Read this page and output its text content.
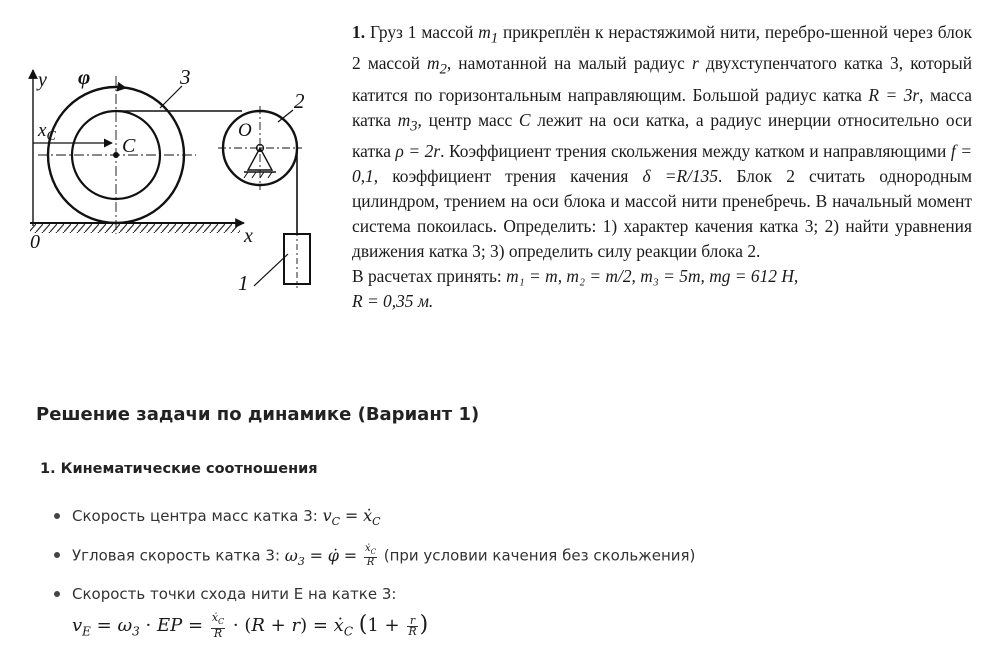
y φ
$x_C$	C
3
2
O
0	x
1

1. Груз 1 массой $m_1$ прикреплён к нерастяжимой нити, перебро-шенной через блок 2 массой $m_2$, намотанной на малый радиус r двухступенчатого катка 3, который катится по горизонтальным направляющим. Большой радиус катка R = 3r, масса катка $m_3$, центр масс C лежит на оси катка, а радиус инерции относительно оси катка ρ = 2r. Коэффициент трения скольжения между катком и направляющими f = 0,1, коэффициент трения качения δ =R/135. Блок 2 считать однородным цилиндром, трением на оси блока и массой нити пренебречь. В начальный момент система покоилась. Определить: 1) характер качения катка 3; 2) найти уравнения движения катка 3; 3) определить силу реакции блока 2.

В расчетах принять: m₁ = m, m₂ = m/2, m₃ = 5m, mg = 612 Н,

R = 0,35 м.

Решение задачи по динамике (Вариант 1)
1. Кинематические соотношения
Скорость центра масс катка 3: $v_C$ = ẋ$_C$
Угловая скорость катка 3: $\omega_3$ = φ̇ = $\frac{ẋ_C}{R} (при$ условии качения без скольжения)
Скорость точки схода нити E на катке 3:
$v_E = \omega_3$ · EP = $\frac{ẋ_C}{R} \cdot (R + r)$ = ẋ$_C$ ($1 + \frac{r}{R}$ )
